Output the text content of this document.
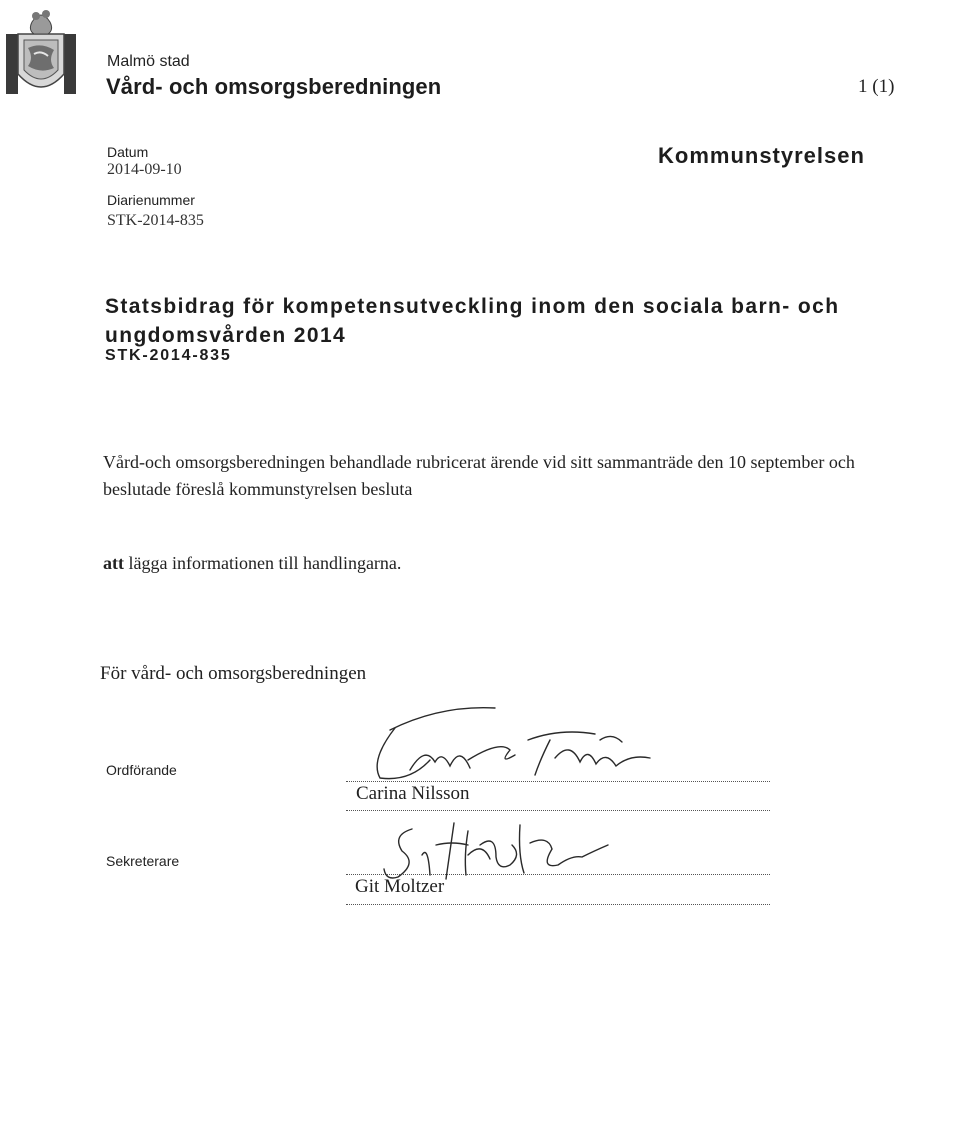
Malmö stad
Vård- och omsorgsberedningen	1 (1)
Datum
2014-09-10
Diarienummer
STK-2014-835
Kommunstyrelsen
Statsbidrag för kompetensutveckling inom den sociala barn- och ungdomsvården 2014
STK-2014-835
Vård-och omsorgsberedningen behandlade rubricerat ärende vid sitt sammanträde den 10 september och beslutade föreslå kommunstyrelsen besluta
att lägga informationen till handlingarna.
För vård- och omsorgsberedningen
Ordförande
Sekreterare
Carina Nilsson
Git Moltzer
